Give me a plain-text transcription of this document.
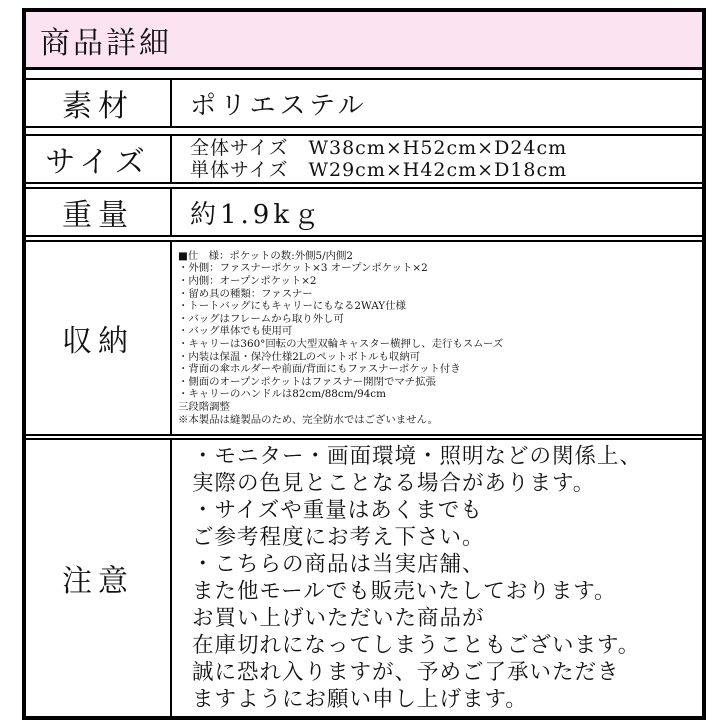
商品詳細
素材	ポリエステル
サイズ	全体サイズ　W38cm×H52cm×D24cm
単体サイズ　W29cm×H42cm×D18cm
重量	約1.9kｇ
収納
■仕　様：ポケットの数:外側5/内側2
・外側：ファスナーポケット×3 オープンポケット×2
・内側：オープンポケット×2
・留め具の種類：ファスナー
・トートバッグにもキャリーにもなる2WAY仕様
・バッグはフレームから取り外し可
・バッグ単体でも使用可
・キャリーは360°回転の大型双輪キャスター横押し、走行もスムーズ
・内装は保温・保冷仕様2Lのペットボトルも収納可
・背面の傘ホルダーや前面/背面にもファスナーポケット付き
・側面のオープンポケットはファスナー開閉でマチ拡張
・キャリーのハンドルは82cm/88cm/94cm
三段階調整
※本製品は縫製品のため、完全防水ではございません。
注意
・モニター・画面環境・照明などの関係上、
実際の色見とことなる場合があります。
・サイズや重量はあくまでも
ご参考程度にお考え下さい。
・こちらの商品は当実店舗、
また他モールでも販売いたしております。
お買い上げいただいた商品が
在庫切れになってしまうこともございます。
誠に恐れ入りますが、予めご了承いただき
ますようにお願い申し上げます。
